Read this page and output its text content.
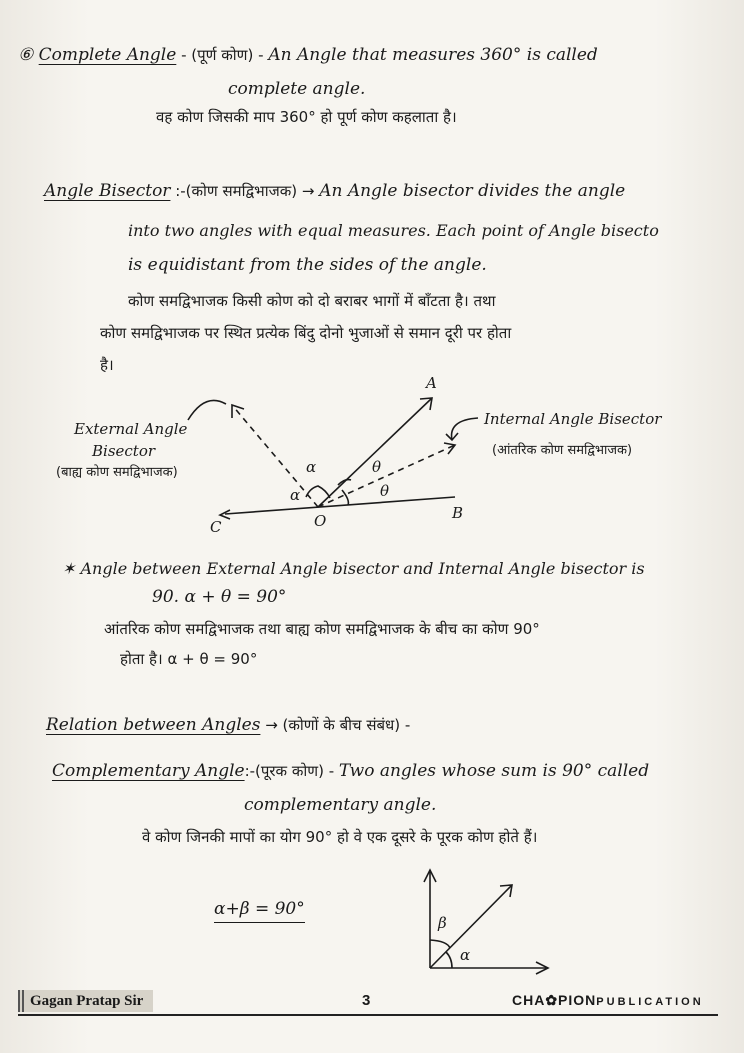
⑥ Complete Angle - (पूर्ण कोण) - An Angle that measures 360° is called
complete angle.
वह कोण जिसकी माप 360° हो पूर्ण कोण कहलाता है।
Angle Bisector :-(कोण समद्विभाजक) → An Angle bisector divides the angle
into two angles with equal measures. Each point of Angle bisecto
is equidistant from the sides of the angle.
कोण समद्विभाजक किसी कोण को दो बराबर भागों में बाँटता है। तथा
कोण समद्विभाजक पर स्थित प्रत्येक बिंदु दोनो भुजाओं से समान दूरी पर होता
है।
A
B
C	O
α
α
θ
θ
External Angle
Bisector
(बाह्य कोण समद्विभाजक)
Internal Angle Bisector
(आंतरिक कोण समद्विभाजक)
✶ Angle between External Angle bisector and Internal Angle bisector is
90. α + θ = 90°
आंतरिक कोण समद्विभाजक तथा बाह्य कोण समद्विभाजक के बीच का कोण 90°
होता है। α + θ = 90°
Relation between Angles → (कोणों के बीच संबंध) -
Complementary Angle:-(पूरक कोण) - Two angles whose sum is 90° called
complementary angle.
वे कोण जिनकी मापों का योग 90° हो वे एक दूसरे के पूरक कोण होते हैं।
α+β = 90°
β
α
Gagan Pratap Sir	3	CHA✿PIONPUBLICATION
